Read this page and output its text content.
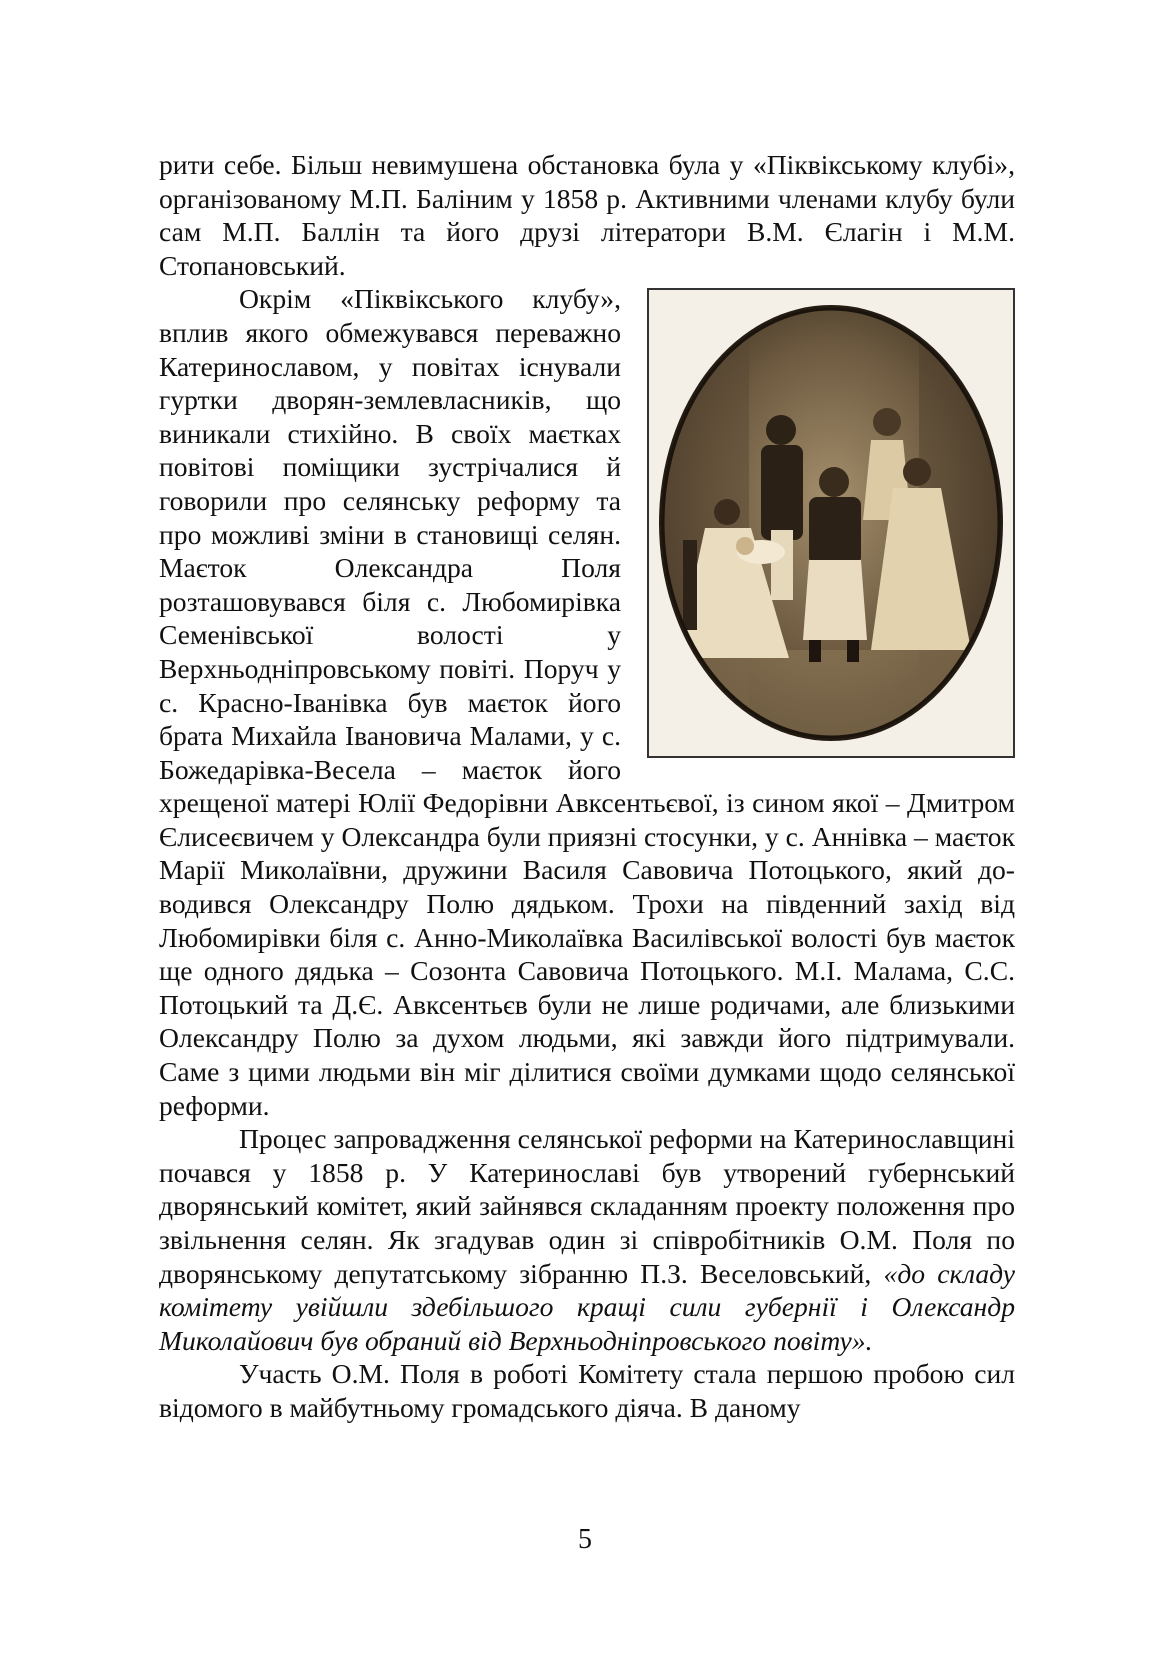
рити себе. Більш невимушена обстановка була у «Піквікському клубі», організованому М.П. Баліним у 1858 р. Активними членами клубу були сам М.П. Баллін та його друзі літератори В.М. Єлагін і М.М. Стопановський.

Окрім «Піквікського клубу», вплив якого обмежувався переважно Катеринославом, у повітах існували гуртки дворян-землевласників, що виникали стихійно. В своїх маєтках повітові поміщики зустрічалися й говорили про селянську реформу та про можливі зміни в становищі селян. Маєток Олександра Поля розташовувався біля с. Любомирівка Семенівської волості у Верхньодніпровському повіті. Поруч у с. Красно-Іванівка був маєток його брата Михайла Івановича Малами, у с. Божедарівка-Весела – маєток його хрещеної матері Юлії Федорівни Авксентьєвої, із сином якої – Дмитром Єлисеєвичем у Олександра були приязні стосунки, у с. Аннівка – маєток Марії Миколаївни, дружини Василя Савовича Потоцького, який доводився Олександру Полю дядьком. Трохи на південний захід від Любомирівки біля с. Анно-Миколаївка Василівської волості був маєток ще одного дядька – Созонта Савовича Потоцького. М.І. Малама, С.С. Потоцький та Д.Є. Авксентьєв були не лише родичами, але близькими Олександру Полю за духом людьми, які завжди його підтримували. Саме з цими людьми він міг ділитися своїми думками щодо селянської реформи.

Процес запровадження селянської реформи на Катеринославщині почався у 1858 р. У Катеринославі був утворений губернський дворянський комітет, який зайнявся складанням проекту положення про звільнення селян. Як згадував один зі співробітників О.М. Поля по дворянському депутатському зібранню П.З. Веселовський, «до складу комітету увійшли здебільшого кращі сили губернії і Олександр Миколайович був обраний від Верхньодніпровського повіту».

Участь О.М. Поля в роботі Комітету стала першою пробою сил відомого в майбутньому громадського діяча. В даному

5
